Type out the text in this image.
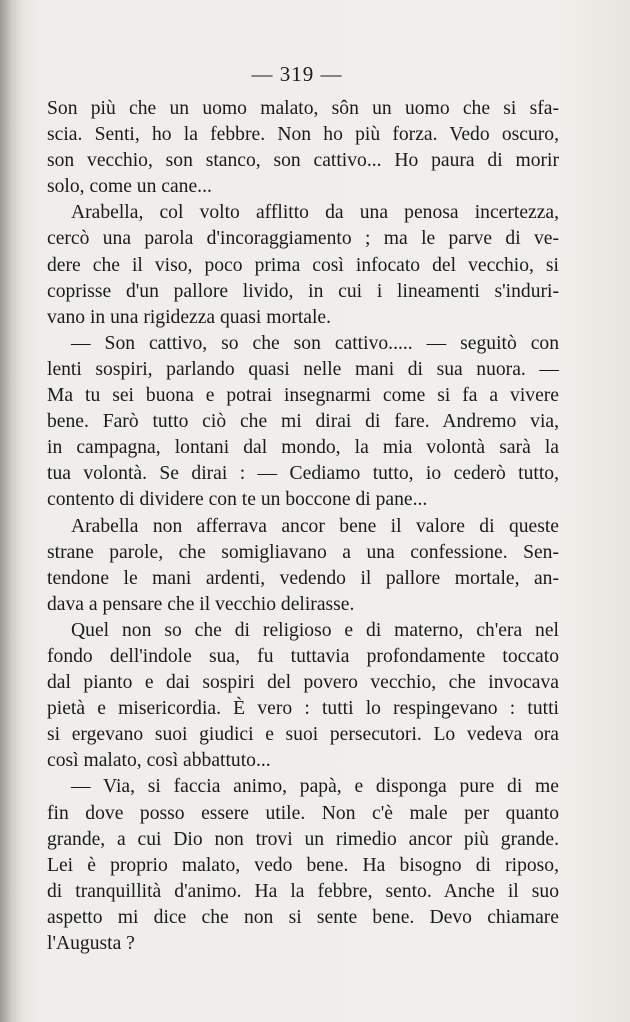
— 319 —

Son più che un uomo malato, sôn un uomo che si sfa-
scia. Senti, ho la febbre. Non ho più forza. Vedo oscuro,
son vecchio, son stanco, son cattivo... Ho paura di morir
solo, come un cane...

Arabella, col volto afflitto da una penosa incertezza,
cercò una parola d'incoraggiamento ; ma le parve di ve-
dere che il viso, poco prima così infocato del vecchio, si
coprisse d'un pallore livido, in cui i lineamenti s'induri-
vano in una rigidezza quasi mortale.

— Son cattivo, so che son cattivo..... — seguitò con
lenti sospiri, parlando quasi nelle mani di sua nuora. —
Ma tu sei buona e potrai insegnarmi come si fa a vivere
bene. Farò tutto ciò che mi dirai di fare. Andremo via,
in campagna, lontani dal mondo, la mia volontà sarà la
tua volontà. Se dirai : — Cediamo tutto, io cederò tutto,
contento di dividere con te un boccone di pane...

Arabella non afferrava ancor bene il valore di queste
strane parole, che somigliavano a una confessione. Sen-
tendone le mani ardenti, vedendo il pallore mortale, an-
dava a pensare che il vecchio delirasse.

Quel non so che di religioso e di materno, ch'era nel
fondo dell'indole sua, fu tuttavia profondamente toccato
dal pianto e dai sospiri del povero vecchio, che invocava
pietà e misericordia. È vero : tutti lo respingevano : tutti
si ergevano suoi giudici e suoi persecutori. Lo vedeva ora
così malato, così abbattuto...

— Via, si faccia animo, papà, e disponga pure di me
fin dove posso essere utile. Non c'è male per quanto
grande, a cui Dio non trovi un rimedio ancor più grande.
Lei è proprio malato, vedo bene. Ha bisogno di riposo,
di tranquillità d'animo. Ha la febbre, sento. Anche il suo
aspetto mi dice che non si sente bene. Devo chiamare
l'Augusta ?
